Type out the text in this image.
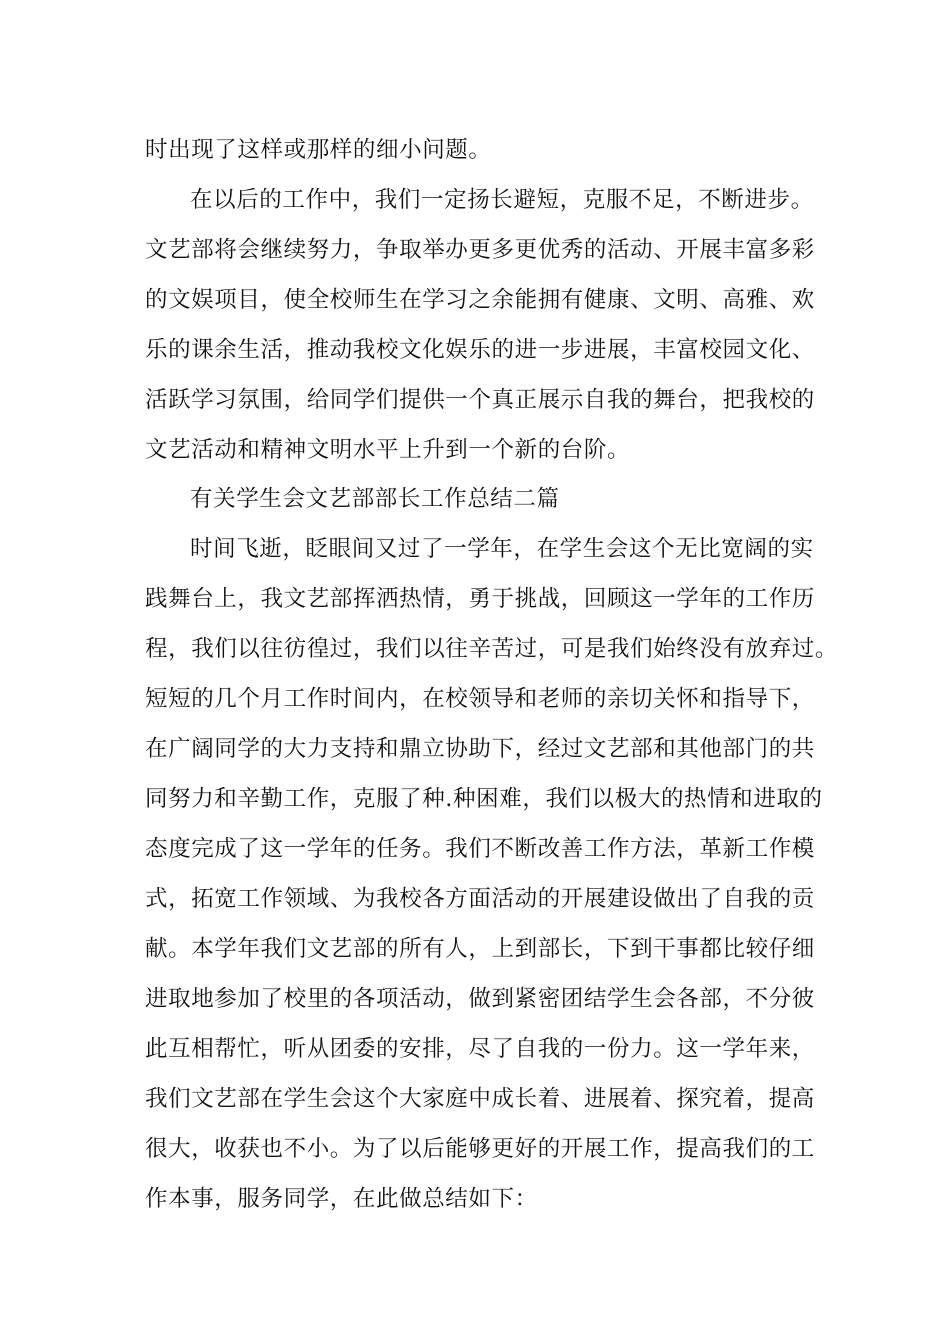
时出现了这样或那样的细小问题。
在以后的工作中，我们一定扬长避短，克服不足，不断进步。
文艺部将会继续努力，争取举办更多更优秀的活动、开展丰富多彩
的文娱项目，使全校师生在学习之余能拥有健康、文明、高雅、欢
乐的课余生活，推动我校文化娱乐的进一步进展，丰富校园文化、
活跃学习氛围，给同学们提供一个真正展示自我的舞台，把我校的
文艺活动和精神文明水平上升到一个新的台阶。
有关学生会文艺部部长工作总结二篇
时间飞逝，眨眼间又过了一学年，在学生会这个无比宽阔的实
践舞台上，我文艺部挥洒热情，勇于挑战，回顾这一学年的工作历
程，我们以往彷徨过，我们以往辛苦过，可是我们始终没有放弃过。
短短的几个月工作时间内，在校领导和老师的亲切关怀和指导下，
在广阔同学的大力支持和鼎立协助下，经过文艺部和其他部门的共
同努力和辛勤工作，克服了种.种困难，我们以极大的热情和进取的
态度完成了这一学年的任务。我们不断改善工作方法，革新工作模
式，拓宽工作领域、为我校各方面活动的开展建设做出了自我的贡
献。本学年我们文艺部的所有人，上到部长，下到干事都比较仔细
进取地参加了校里的各项活动，做到紧密团结学生会各部，不分彼
此互相帮忙，听从团委的安排，尽了自我的一份力。这一学年来，
我们文艺部在学生会这个大家庭中成长着、进展着、探究着，提高
很大，收获也不小。为了以后能够更好的开展工作，提高我们的工
作本事，服务同学，在此做总结如下：
